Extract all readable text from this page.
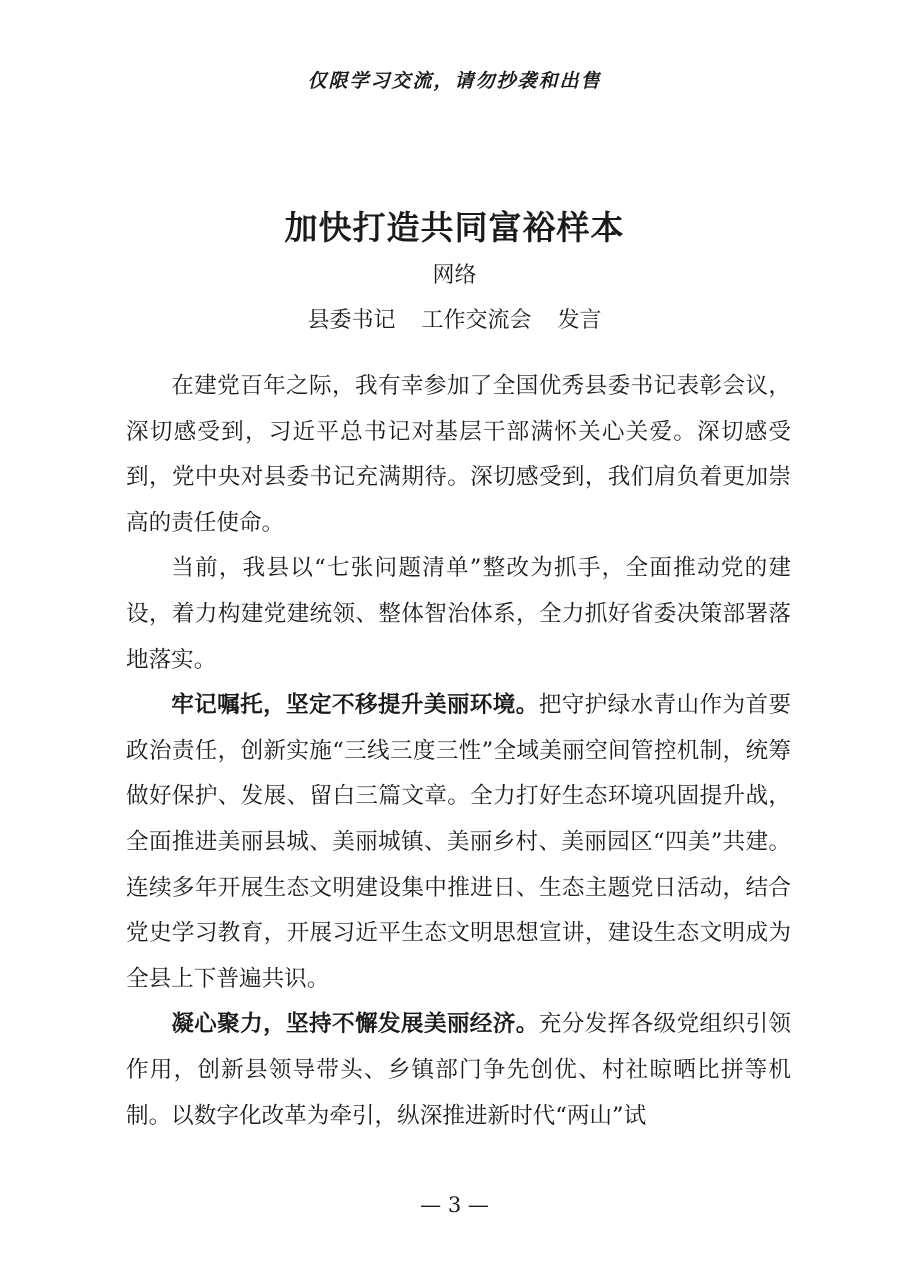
仅限学习交流，请勿抄袭和出售
加快打造共同富裕样本
网络
县委书记 工作交流会 发言

在建党百年之际，我有幸参加了全国优秀县委书记表彰会议，深切感受到，习近平总书记对基层干部满怀关心关爱。深切感受到，党中央对县委书记充满期待。深切感受到，我们肩负着更加崇高的责任使命。

当前，我县以“七张问题清单”整改为抓手，全面推动党的建设，着力构建党建统领、整体智治体系，全力抓好省委决策部署落地落实。

牢记嘱托，坚定不移提升美丽环境。把守护绿水青山作为首要政治责任，创新实施“三线三度三性”全域美丽空间管控机制，统筹做好保护、发展、留白三篇文章。全力打好生态环境巩固提升战，全面推进美丽县城、美丽城镇、美丽乡村、美丽园区“四美”共建。连续多年开展生态文明建设集中推进日、生态主题党日活动，结合党史学习教育，开展习近平生态文明思想宣讲，建设生态文明成为全县上下普遍共识。

凝心聚力，坚持不懈发展美丽经济。充分发挥各级党组织引领作用，创新县领导带头、乡镇部门争先创优、村社晾晒比拼等机制。以数字化改革为牵引，纵深推进新时代“两山”试

— 3 —
